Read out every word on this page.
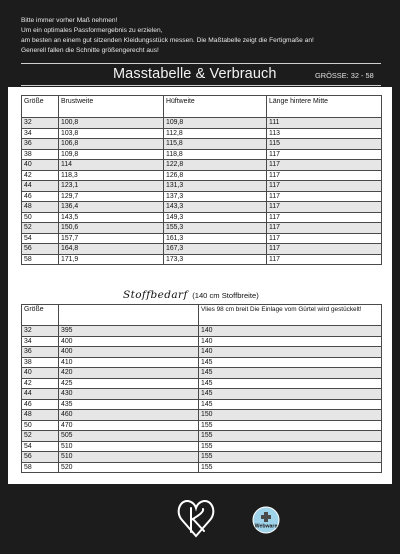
Bitte immer vorher Maß nehmen!
Um ein optimales Passformergebnis zu erzielen,
am besten an einem gut sitzenden Kleidungsstück messen. Die Maßtabelle zeigt die Fertigmaße an!
Generell fallen die Schnitte größengerecht aus!
Masstabelle & Verbrauch	GRÖSSE: 32 - 58
Größe	Brustweite	Hüftweite	Länge hintere Mitte

32	100,8	109,8	111
34	103,8	112,8	113
36	106,8	115,8	115
38	109,8	118,8	117
40	114	122,8	117
42	118,3	126,8	117
44	123,1	131,3	117
46	129,7	137,3	117
48	136,4	143,3	117
50	143,5	149,3	117
52	150,6	155,3	117
54	157,7	161,3	117
56	164,8	167,3	117
58	171,9	173,3	117
Stoffbedarf (140 cm Stoffbreite)
Größe		Vlies 98 cm breit Die Einlage vom Gürtel wird gestückelt!

32	395	140
34	400	140
36	400	140
38	410	145
40	420	145
42	425	145
44	430	145
46	435	145
48	460	150
50	470	155
52	505	155
54	510	155
56	510	155
58	520	155
Webware
